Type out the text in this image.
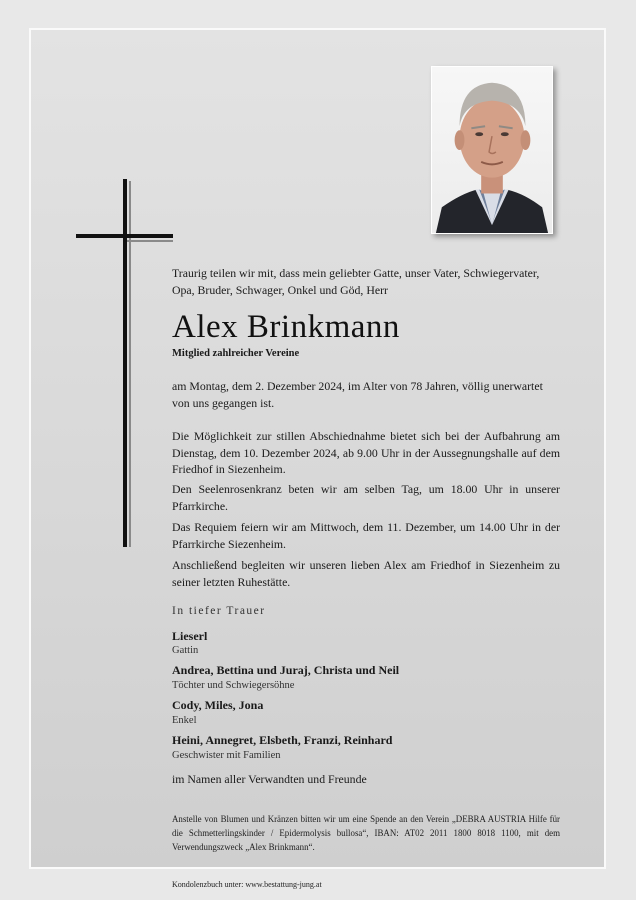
Traurig teilen wir mit, dass mein geliebter Gatte, unser Vater, Schwiegervater, Opa, Bruder, Schwager, Onkel und Göd, Herr
Alex Brinkmann
Mitglied zahlreicher Vereine
am Montag, dem 2. Dezember 2024, im Alter von 78 Jahren, völlig unerwartet von uns gegangen ist.
Die Möglichkeit zur stillen Abschiednahme bietet sich bei der Aufbahrung am Dienstag, dem 10. Dezember 2024, ab 9.00 Uhr in der Aussegnungshalle auf dem Friedhof in Siezenheim.
Den Seelenrosenkranz beten wir am selben Tag, um 18.00 Uhr in unserer Pfarrkirche.
Das Requiem feiern wir am Mittwoch, dem 11. Dezember, um 14.00 Uhr in der Pfarrkirche Siezenheim.
Anschließend begleiten wir unseren lieben Alex am Friedhof in Siezenheim zu seiner letzten Ruhestätte.
In tiefer Trauer
Lieserl
Gattin
Andrea, Bettina und Juraj, Christa und Neil
Töchter und Schwiegersöhne
Cody, Miles, Jona
Enkel
Heini, Annegret, Elsbeth, Franzi, Reinhard
Geschwister mit Familien
im Namen aller Verwandten und Freunde
Anstelle von Blumen und Kränzen bitten wir um eine Spende an den Verein „DEBRA AUSTRIA Hilfe für die Schmetterlingskinder / Epidermolysis bullosa“, IBAN: AT02 2011 1800 8018 1100, mit dem Verwendungszweck „Alex Brinkmann“.
Kondolenzbuch unter: www.bestattung-jung.at
